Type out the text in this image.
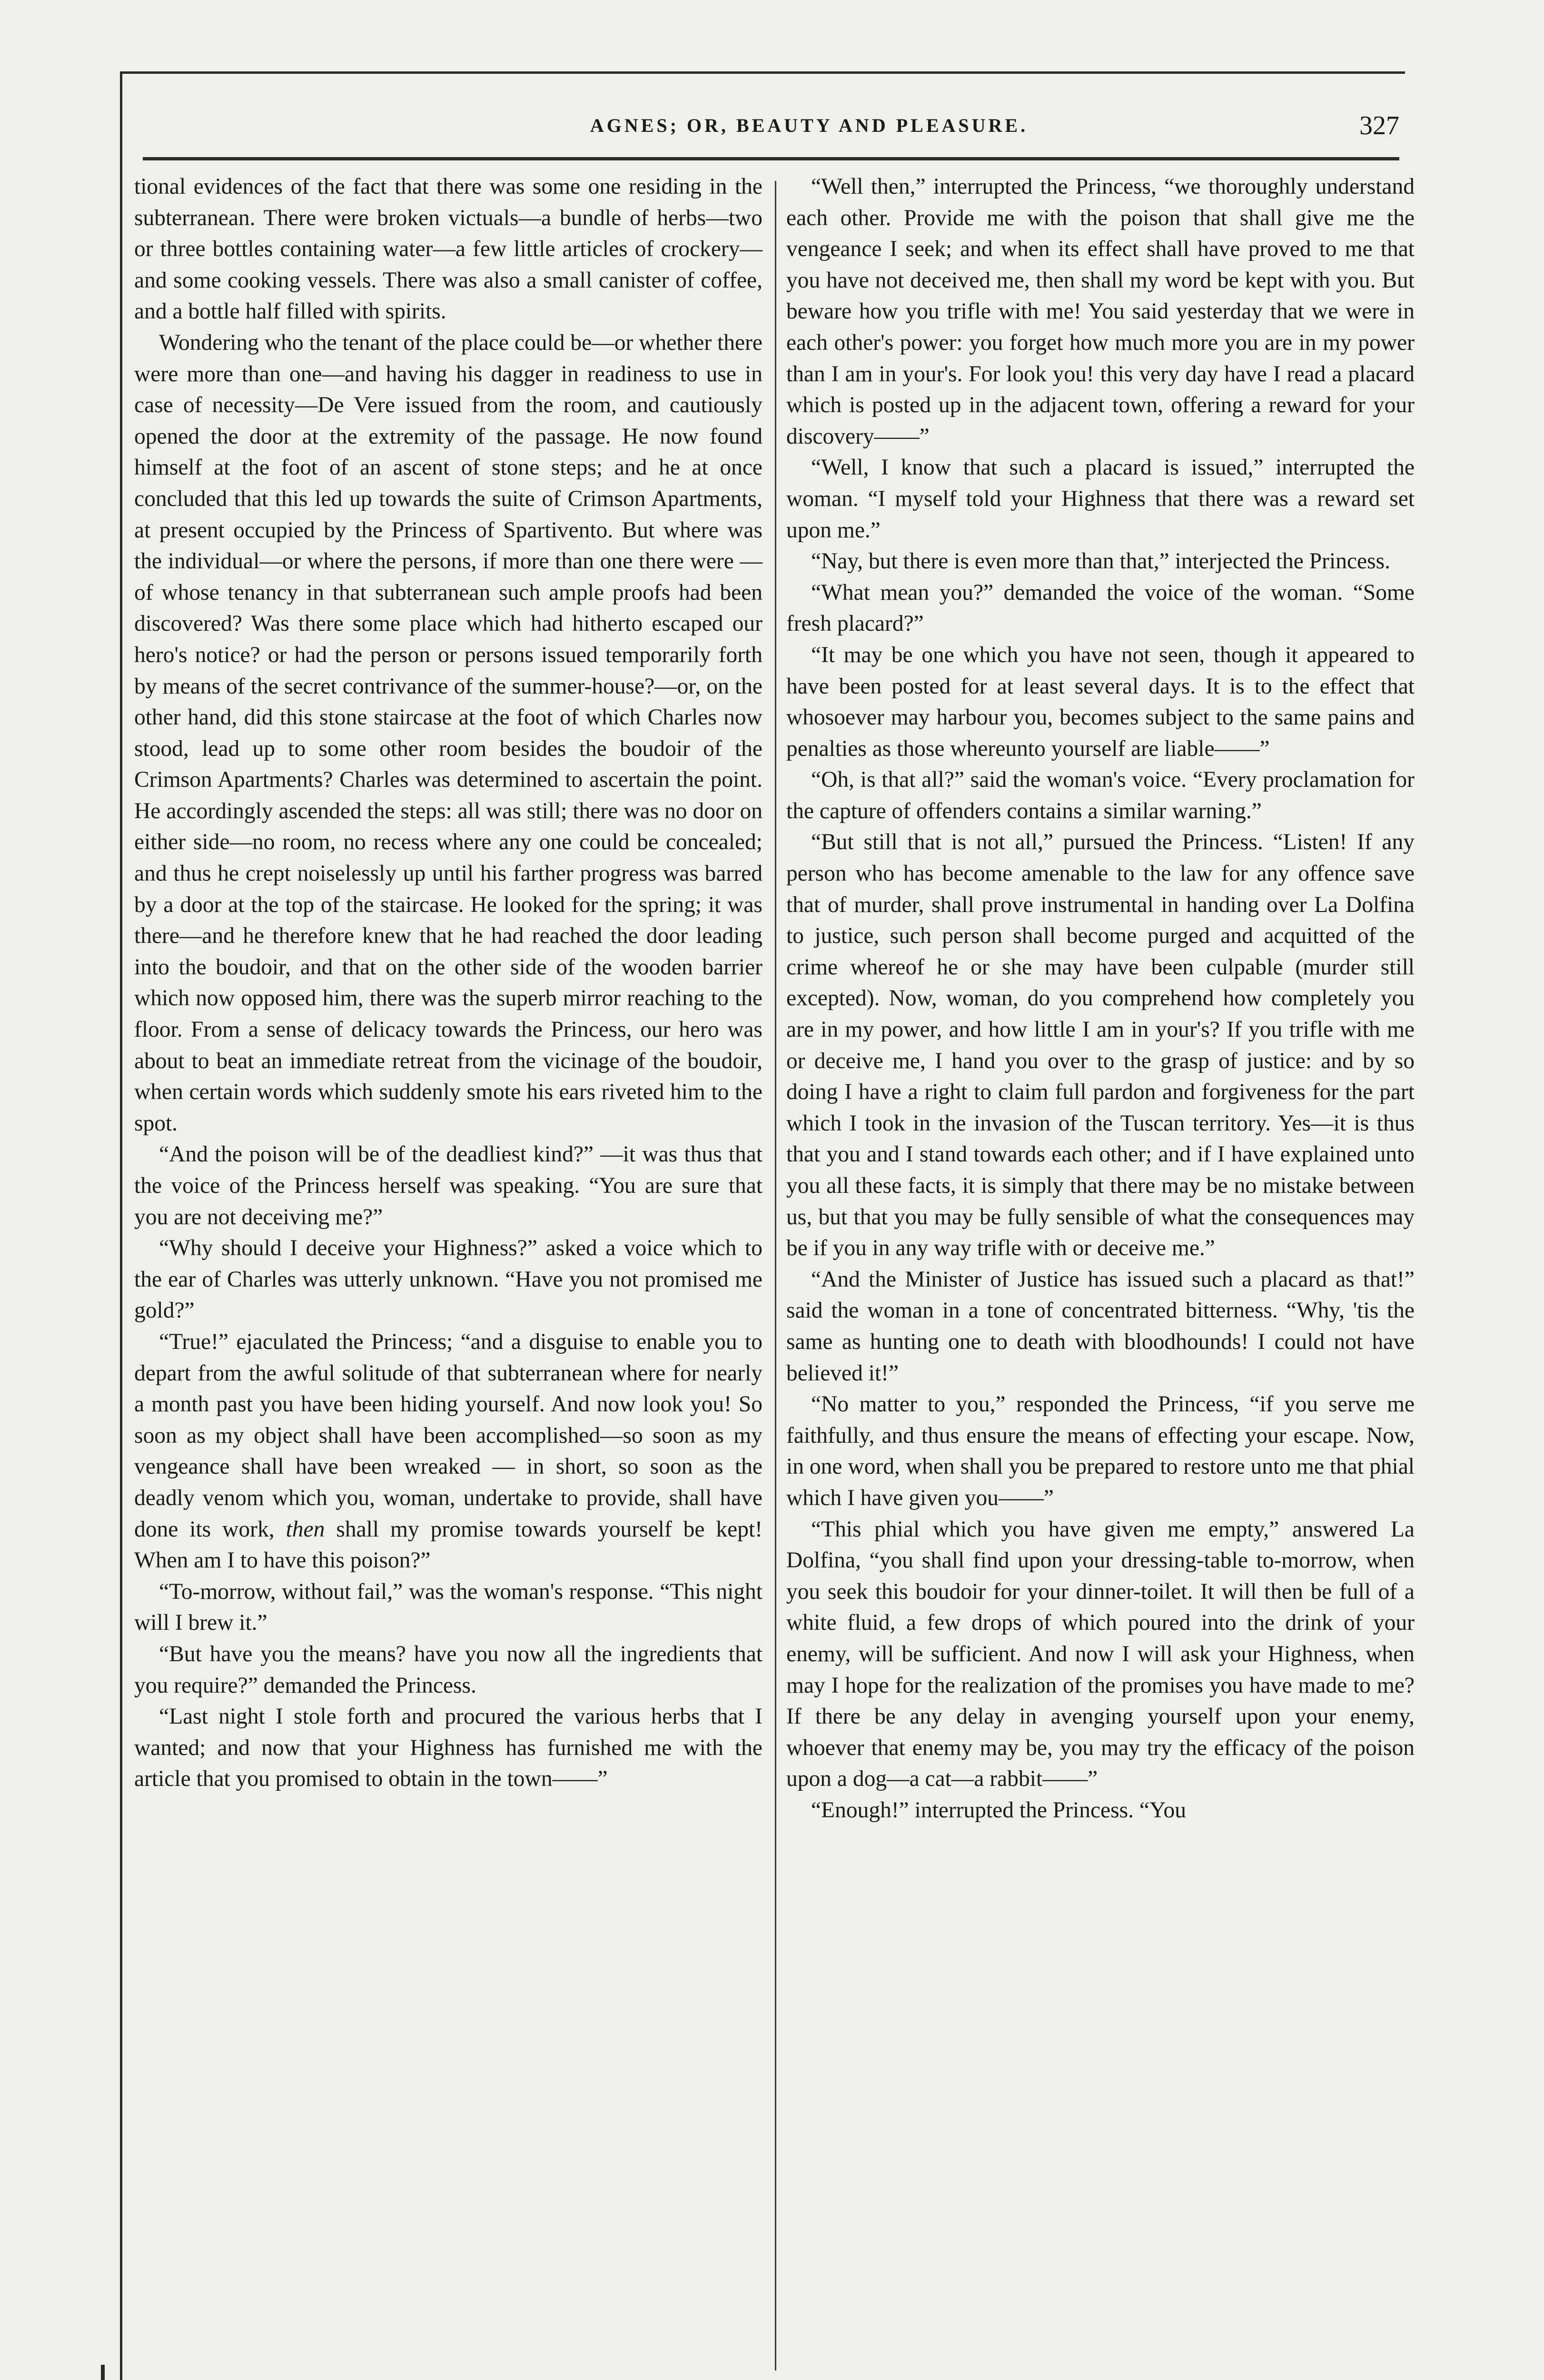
AGNES; OR, BEAUTY AND PLEASURE.	327

tional evidences of the fact that there was some one residing in the subterranean. There were broken victuals—a bundle of herbs—two or three bottles containing water—a few little articles of crockery—and some cooking vessels. There was also a small canister of coffee, and a bottle half filled with spirits.

Wondering who the tenant of the place could be—or whether there were more than one—and having his dagger in readiness to use in case of necessity—De Vere issued from the room, and cautiously opened the door at the extremity of the passage. He now found himself at the foot of an ascent of stone steps; and he at once concluded that this led up towards the suite of Crimson Apartments, at present occupied by the Princess of Spartivento. But where was the individual—or where the persons, if more than one there were —of whose tenancy in that subterranean such ample proofs had been discovered? Was there some place which had hitherto escaped our hero's notice? or had the person or persons issued temporarily forth by means of the secret contrivance of the summer-house?—or, on the other hand, did this stone staircase at the foot of which Charles now stood, lead up to some other room besides the boudoir of the Crimson Apartments? Charles was determined to ascertain the point. He accordingly ascended the steps: all was still; there was no door on either side—no room, no recess where any one could be concealed; and thus he crept noiselessly up until his farther progress was barred by a door at the top of the staircase. He looked for the spring; it was there—and he therefore knew that he had reached the door leading into the boudoir, and that on the other side of the wooden barrier which now opposed him, there was the superb mirror reaching to the floor. From a sense of delicacy towards the Princess, our hero was about to beat an immediate retreat from the vicinage of the boudoir, when certain words which suddenly smote his ears riveted him to the spot.

“And the poison will be of the deadliest kind?” —it was thus that the voice of the Princess herself was speaking. “You are sure that you are not deceiving me?”

“Why should I deceive your Highness?” asked a voice which to the ear of Charles was utterly unknown. “Have you not promised me gold?”

“True!” ejaculated the Princess; “and a disguise to enable you to depart from the awful solitude of that subterranean where for nearly a month past you have been hiding yourself. And now look you! So soon as my object shall have been accomplished—so soon as my vengeance shall have been wreaked — in short, so soon as the deadly venom which you, woman, undertake to provide, shall have done its work, then shall my promise towards yourself be kept! When am I to have this poison?”

“To-morrow, without fail,” was the woman's response. “This night will I brew it.”

“But have you the means? have you now all the ingredients that you require?” demanded the Princess.

“Last night I stole forth and procured the various herbs that I wanted; and now that your Highness has furnished me with the article that you promised to obtain in the town——”

“Well then,” interrupted the Princess, “we thoroughly understand each other. Provide me with the poison that shall give me the vengeance I seek; and when its effect shall have proved to me that you have not deceived me, then shall my word be kept with you. But beware how you trifle with me! You said yesterday that we were in each other's power: you forget how much more you are in my power than I am in your's. For look you! this very day have I read a placard which is posted up in the adjacent town, offering a reward for your discovery——”

“Well, I know that such a placard is issued,” interrupted the woman. “I myself told your Highness that there was a reward set upon me.”

“Nay, but there is even more than that,” interjected the Princess.

“What mean you?” demanded the voice of the woman. “Some fresh placard?”

“It may be one which you have not seen, though it appeared to have been posted for at least several days. It is to the effect that whosoever may harbour you, becomes subject to the same pains and penalties as those whereunto yourself are liable——”

“Oh, is that all?” said the woman's voice. “Every proclamation for the capture of offenders contains a similar warning.”

“But still that is not all,” pursued the Princess. “Listen! If any person who has become amenable to the law for any offence save that of murder, shall prove instrumental in handing over La Dolfina to justice, such person shall become purged and acquitted of the crime whereof he or she may have been culpable (murder still excepted). Now, woman, do you comprehend how completely you are in my power, and how little I am in your's? If you trifle with me or deceive me, I hand you over to the grasp of justice: and by so doing I have a right to claim full pardon and forgiveness for the part which I took in the invasion of the Tuscan territory. Yes—it is thus that you and I stand towards each other; and if I have explained unto you all these facts, it is simply that there may be no mistake between us, but that you may be fully sensible of what the consequences may be if you in any way trifle with or deceive me.”

“And the Minister of Justice has issued such a placard as that!” said the woman in a tone of concentrated bitterness. “Why, 'tis the same as hunting one to death with bloodhounds! I could not have believed it!”

“No matter to you,” responded the Princess, “if you serve me faithfully, and thus ensure the means of effecting your escape. Now, in one word, when shall you be prepared to restore unto me that phial which I have given you——”

“This phial which you have given me empty,” answered La Dolfina, “you shall find upon your dressing-table to-morrow, when you seek this boudoir for your dinner-toilet. It will then be full of a white fluid, a few drops of which poured into the drink of your enemy, will be sufficient. And now I will ask your Highness, when may I hope for the realization of the promises you have made to me? If there be any delay in avenging yourself upon your enemy, whoever that enemy may be, you may try the efficacy of the poison upon a dog—a cat—a rabbit——”

“Enough!” interrupted the Princess. “You
